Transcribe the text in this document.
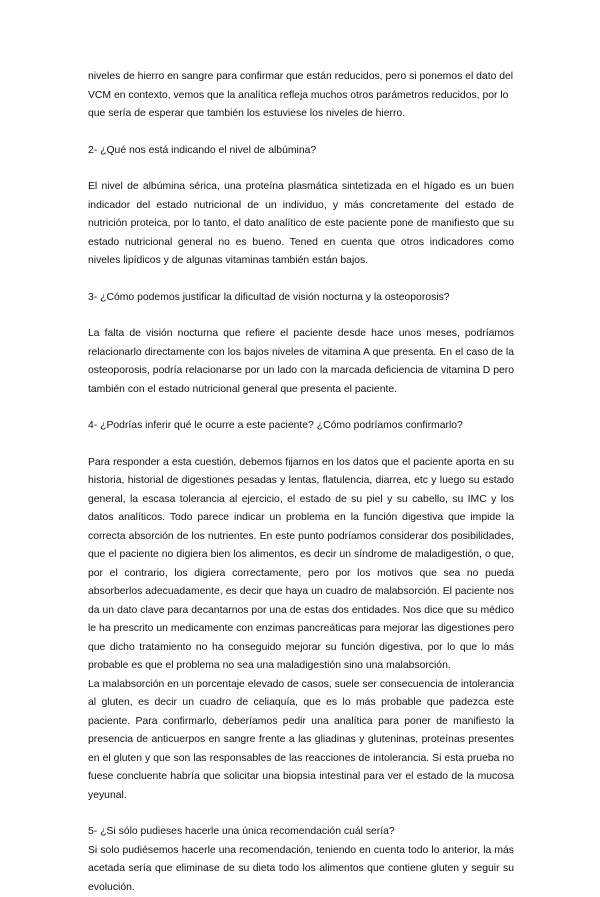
niveles de hierro en sangre para confirmar que están reducidos, pero si ponemos el dato del VCM en contexto, vemos que la analítica refleja muchos otros parámetros reducidos, por lo que sería de esperar que también los estuviese los niveles de hierro.

2- ¿Qué nos está indicando el nivel de albúmina?

El nivel de albúmina sérica, una proteína plasmática sintetizada en el hígado es un buen indicador del estado nutricional de un individuo, y más concretamente del estado de nutrición proteica, por lo tanto, el dato analítico de este paciente pone de manifiesto que su estado nutricional general no es bueno. Tened en cuenta que otros indicadores como niveles lipídicos y de algunas vitaminas también están bajos.

3- ¿Cómo podemos justificar la dificultad de visión nocturna y la osteoporosis?

La falta de visión nocturna que refiere el paciente desde hace unos meses, podríamos relacionarlo directamente con los bajos niveles de vitamina A que presenta. En el caso de la osteoporosis, podría relacionarse por un lado con la marcada deficiencia de vitamina D pero también con el estado nutricional general que presenta el paciente.

4- ¿Podrías inferir qué le ocurre a este paciente? ¿Cómo podríamos confirmarlo?

Para responder a esta cuestión, debemos fijarnos en los datos que el paciente aporta en su historia, historial de digestiones pesadas y lentas, flatulencia, diarrea, etc y luego su estado general, la escasa tolerancia al ejercicio, el estado de su piel y su cabello, su IMC y los datos analíticos. Todo parece indicar un problema en la función digestiva que impide la correcta absorción de los nutrientes. En este punto podríamos considerar dos posibilidades, que el paciente no digiera bien los alimentos, es decir un síndrome de maladigestión, o que, por el contrario, los digiera correctamente, pero por los motivos que sea no pueda absorberlos adecuadamente, es decir que haya un cuadro de malabsorción. El paciente nos da un dato clave para decantarnos por una de estas dos entidades. Nos dice que su médico le ha prescrito un medicamente con enzimas pancreáticas para mejorar las digestiones pero que dicho tratamiento no ha conseguido mejorar su función digestiva, por lo que lo más probable es que el problema no sea una maladigestión sino una malabsorción.

La malabsorción en un porcentaje elevado de casos, suele ser consecuencia de intolerancia al gluten, es decir un cuadro de celiaquía, que es lo más probable que padezca este paciente. Para confirmarlo, deberíamos pedir una analítica para poner de manifiesto la presencia de anticuerpos en sangre frente a las gliadinas y gluteninas, proteínas presentes en el gluten y que son las responsables de las reacciones de intolerancia. Si esta prueba no fuese concluente habría que solicitar una biopsia intestinal para ver el estado de la mucosa yeyunal.

5- ¿Si sólo pudieses hacerle una única recomendación cuál sería?

Si solo pudiésemos hacerle una recomendación, teniendo en cuenta todo lo anterior, la más acetada sería que eliminase de su dieta todo los alimentos que contiene gluten y seguir su evolución.
